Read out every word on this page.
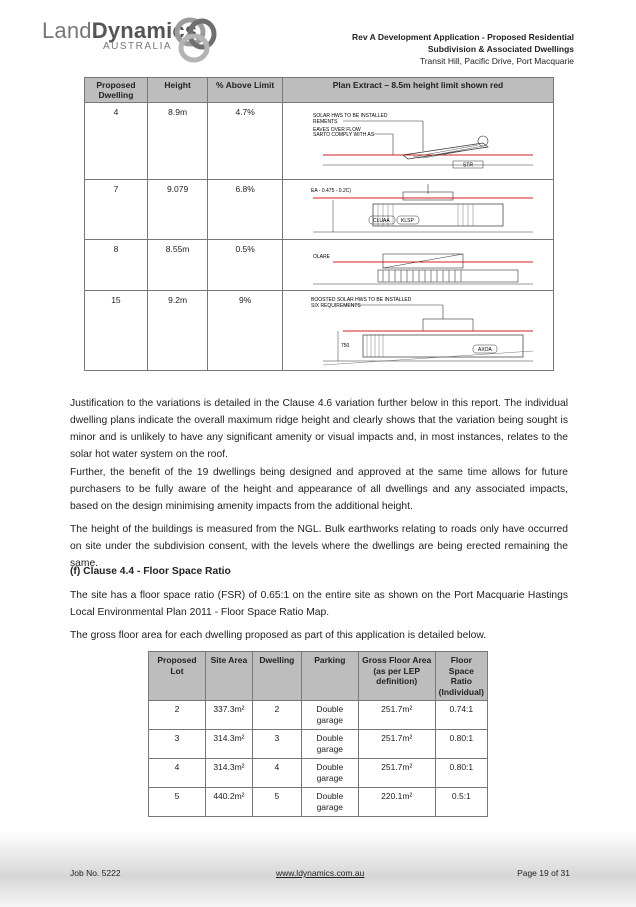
LandDynamics
AUSTRALIA
Rev A Development Application - Proposed Residential
Subdivision & Associated Dwellings
Transit Hill, Pacific Drive, Port Macquarie
Proposed Dwelling	Height	% Above Limit	Plan Extract – 8.5m height limit shown red
4	8.9m	4.7%	SOLAR HWS TO BE INSTALLED
REMENTS
EAVES OVER FLOW
SARTO COMPLY WITH AS
STR

7	9.079	6.8%	EA - 0.475 - 0.2C)
CLUAA KLSP

8	8.55m	0.5%	OLARE

15	9.2m	9%	BOOSTED SOLAR HWS TO BE INSTALLED
SIX REQUIREMENTS
AXOA
750
Justification to the variations is detailed in the Clause 4.6 variation further below in this report. The individual dwelling plans indicate the overall maximum ridge height and clearly shows that the variation being sought is minor and is unlikely to have any significant amenity or visual impacts and, in most instances, relates to the solar hot water system on the roof.
Further, the benefit of the 19 dwellings being designed and approved at the same time allows for future purchasers to be fully aware of the height and appearance of all dwellings and any associated impacts, based on the design minimising amenity impacts from the additional height.
The height of the buildings is measured from the NGL. Bulk earthworks relating to roads only have occurred on site under the subdivision consent, with the levels where the dwellings are being erected remaining the same.
(f) Clause 4.4 - Floor Space Ratio
The site has a floor space ratio (FSR) of 0.65:1 on the entire site as shown on the Port Macquarie Hastings Local Environmental Plan 2011 - Floor Space Ratio Map.
The gross floor area for each dwelling proposed as part of this application is detailed below.
Proposed Lot	Site Area	Dwelling	Parking	Gross Floor Area (as per LEP definition)	Floor Space Ratio (Individual)
2	337.3m²	2	Double garage	251.7m²	0.74:1
3	314.3m²	3	Double garage	251.7m²	0.80:1
4	314.3m²	4	Double garage	251.7m²	0.80:1
5	440.2m²	5	Double garage	220.1m²	0.5:1
Job No. 5222	www.ldynamics.com.au	Page 19 of 31
